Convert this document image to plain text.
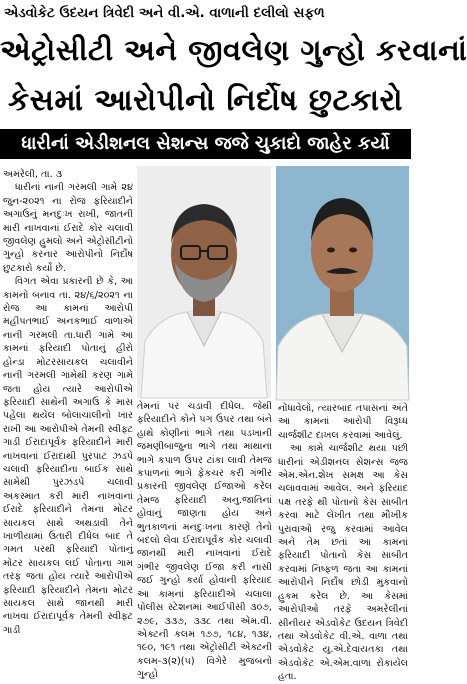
એડવોકેટ ઉદયન ત્રિવેદી અને વી.એ. વાળાની દલીલો સફળ
એટ્રોસીટી અને જીવલેણ ગુન્હો કરવાનાં
કેસમાં આરોપીનો નિર્દોષ છુટકારો
ધારીનાં એડીશનલ સેશન્સ જજે ચુકાદો જાહેર કર્યો

અમરેલી, તા. ૩

ધારીનાં નાની ગરમલી ગામે ૨૪ જુન-૨૦૨૧ ના રોજ ફરિયાદીને અગાઉનું મનદુઃખ રાખી, જાતની મારી નાખવાનાં ઈરાદે કોર ચલાવી જીવલેણ હુમલો અને એટ્રોસીટીનો ગુન્હો કરનાર આરોપીનો નિર્દોષ છુટકારો કર્યો છે.

વિગત એવા પ્રકારની છે કે, આ કામનો બનાવ તા. ૨૪/૬/૨૦૨૧ ના રોજ આ કામનાં આરોપી મહીપતભાઈ અનકભાઈ વાળાએ નાની ગરમલી તા.ધારી ગામે આ કામનાં ફરિયાદી પોતાનું હીરો હોન્ડા મોટરસાયકલ ચલાવીને નાની ગરમલી ગામેથી કરણ ગામે જતા હોય ત્યારે આરોપીએ ફરિયાદી સાથેની અગાઉ કે માસ પહેલા થયેલ બોલાચાલીનો ખાર રાખી આ આરોપીએ તેમની સ્વીફ્ટ ગાડી ઈરાદાપૂર્વક ફરિયાદીને મારી નાખવાનાં ઈરાદાથી પુરપાટ ઝડપે ચલાવી ફરિયાદીના બાઈક સાથે સામેથી પુરઝડપે ચલાવી અકસ્માત કરી મારી નાખવાનાં ઈરાદે ફરિયાદીને તેમના મોટર સાયકલ સાથે અથડાવી તેને ખાળીયામાં ઉતારી દીધેલ બાદ તે ગમત પરથી ફરિયાદી પોતાનું મોટર સાયકલ લઈ પોતાના ગામ તરફ જતા હોય ત્યારે આરોપીએ ફરિયાદી ફરિયાદીને તેમના મોટર સાયકલ સાથે જાનથી મારી નાખવા ઈરાદાપૂર્વક તેમની સ્વીફ્ટ ગાડી

તેમનાં પર ચડાવી દીધેલ. જેથી ફરિયાદીને કોને પગ ઉપર તથા બંને હાથે કોણીનાં ભાગે તથા પડખાની જમણીબાજુના ભાગે તથા માથાના ભાગે કપાળ ઉપર ટાંકા લાવી તેમજ કપાળનાં ભાગે ફેકચર કરી ગંભીર પ્રકારની જીવલેણ ઈજાઓ કરેલ તેમજ ફરિયાદી અનુ.જાતિનાં હોવાનું જાણતા હોય અને ભુતકાળનાં મનદુઃખના કારણે તેનો બદલો લેવા ઈરાદાપૂર્વક કોર ચલાવી જાનથી મારી નાખવાનાં ઈરાદે ગંભીર જીવલેણ ઈજા કરી નાસી જઈ ગુન્હો કર્યા હોવાની ફરિયાદ આ કામનાં ફરિયાદીએ ચલાલા પોલીસ સ્ટેશનમાં આઈપીસી ૩૦૭, ૨૭૯, ૩૩૭, ૩૩૮ તથા એમ.વી. એક્ટની કલમ ૧૭૭, ૧૮૪, ૧૩૪, ૧૯૦, ૧૯૧ તથા એટ્રોસીટી એક્ટની કલમ-૩(૨)(૫) વિગેરે મુજબનો ગુન્હો

નોંધાવેલો, ત્યારબાદ તપાસનાં અંતે આ કામનાં આરોપી વિરૂધ્ધ ચાર્જશીટ દાખલ કરવામાં આવેલું.

આ કામે ચાર્જશીટ થયા પછી ધારીનાં એડીશનલ સેશન્સ જજ એમ.એન.શેખ સમક્ષ આ કેસ ચલાવવામાં આવેલ. અને ફરિયાદ પક્ષ તરફે થી પોતાનો કેસ સાબીત કરવા માટે લેખીત તથા મૌખીક પુરાવાઓ રજુ કરવામાં આવેલ અને તેમ છતાં આ કામનાં ફરિયાદી પોતાનો કેસ સાબીત કરવામાં નિષ્ફળ જતા આ કામનાં આરોપીને નિર્દોષ છોડી મુકવાનો હુકમ કરેલ છે. આ કેસમાં આરોપીઓ તરફે અમરેલીનાં સીનીયર એડવોકેટ ઉદયન ત્રિવેદી તથા એડવોકેટ વી.એ. વાળા તથા એડવોકેટ યુ.એ.દેવાયતકા તથા એડવોકેટ એ.એમ.વાળા રોકાયેલ હતા.
